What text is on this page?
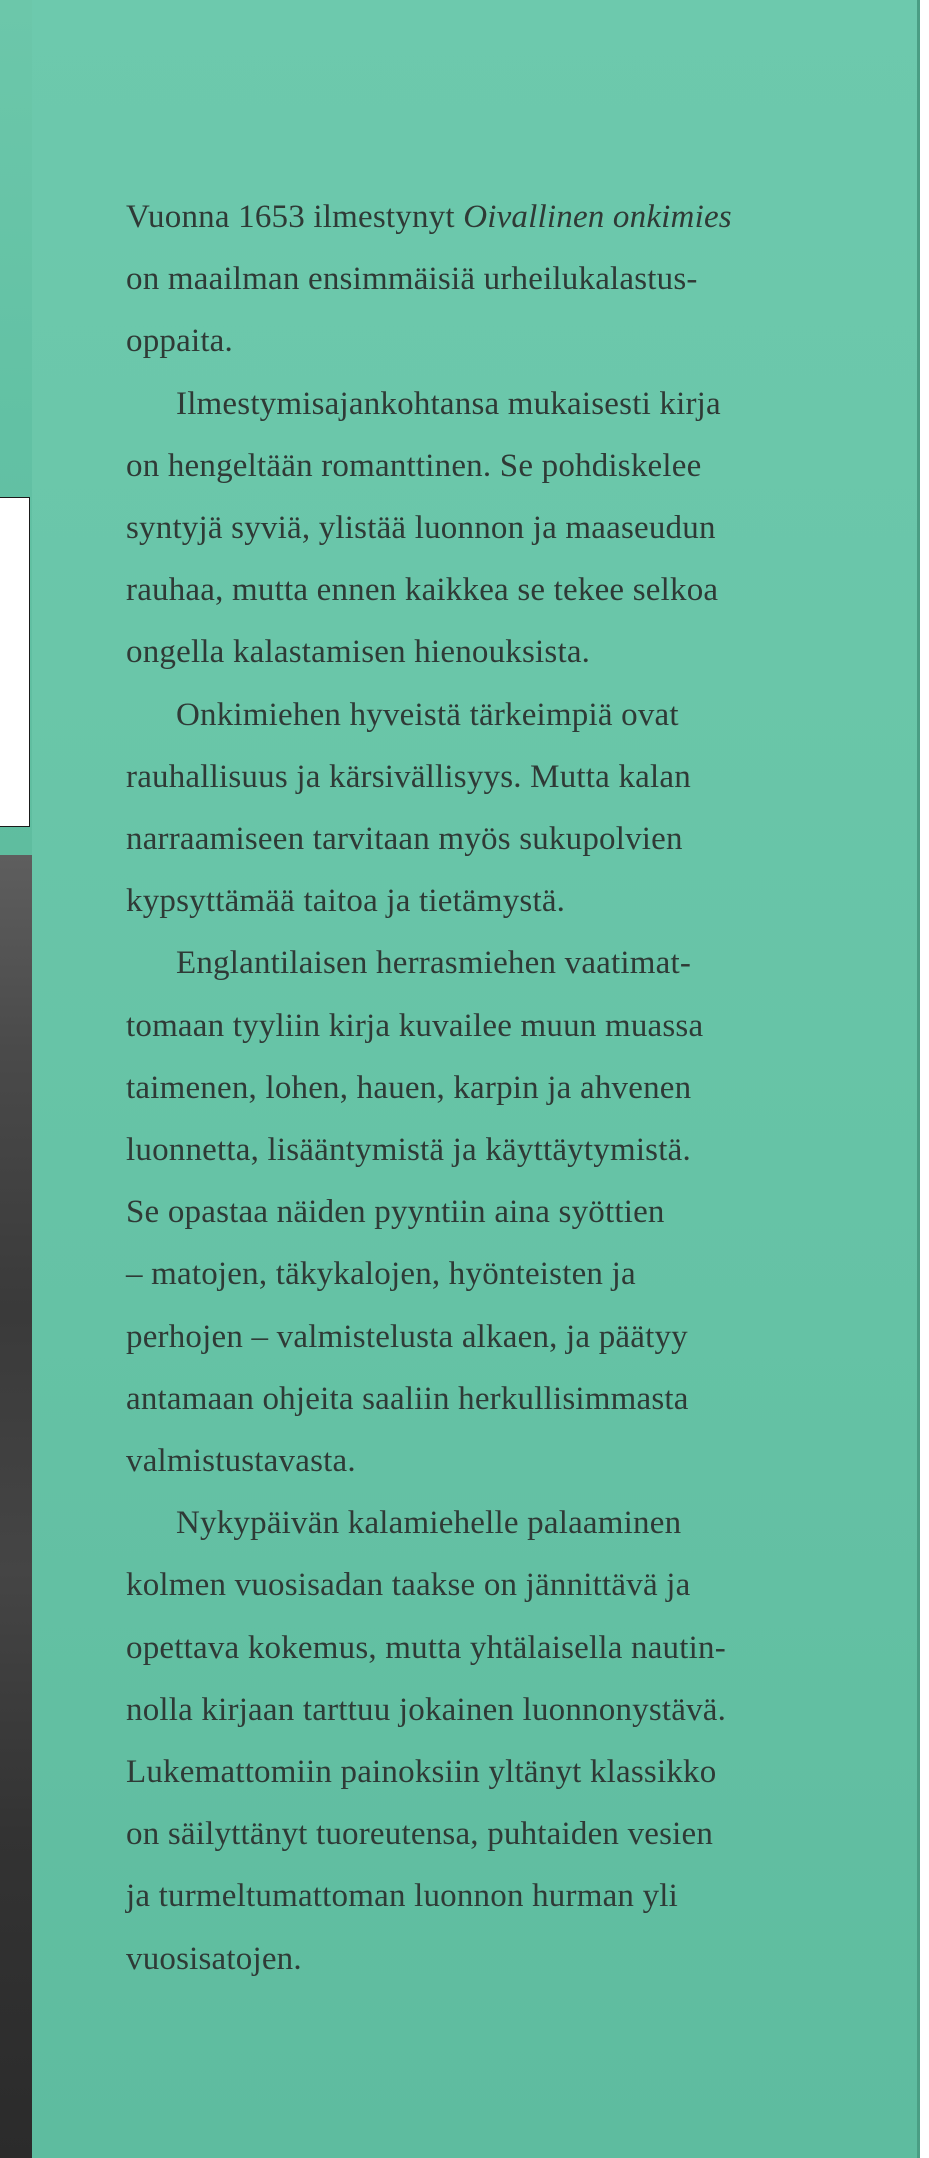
Vuonna 1653 ilmestynyt Oivallinen onkimies
on maailman ensimmäisiä urheilukalastus-
oppaita.
Ilmestymisajankohtansa mukaisesti kirja
on hengeltään romanttinen. Se pohdiskelee
syntyjä syviä, ylistää luonnon ja maaseudun
rauhaa, mutta ennen kaikkea se tekee selkoa
ongella kalastamisen hienouksista.
Onkimiehen hyveistä tärkeimpiä ovat
rauhallisuus ja kärsivällisyys. Mutta kalan
narraamiseen tarvitaan myös sukupolvien
kypsyttämää taitoa ja tietämystä.
Englantilaisen herrasmiehen vaatimat-
tomaan tyyliin kirja kuvailee muun muassa
taimenen, lohen, hauen, karpin ja ahvenen
luonnetta, lisääntymistä ja käyttäytymistä.
Se opastaa näiden pyyntiin aina syöttien
– matojen, täkykalojen, hyönteisten ja
perhojen – valmistelusta alkaen, ja päätyy
antamaan ohjeita saaliin herkullisimmasta
valmistustavasta.
Nykypäivän kalamiehelle palaaminen
kolmen vuosisadan taakse on jännittävä ja
opettava kokemus, mutta yhtälaisella nautin-
nolla kirjaan tarttuu jokainen luonnonystävä.
Lukemattomiin painoksiin yltänyt klassikko
on säilyttänyt tuoreutensa, puhtaiden vesien
ja turmeltumattoman luonnon hurman yli
vuosisatojen.
